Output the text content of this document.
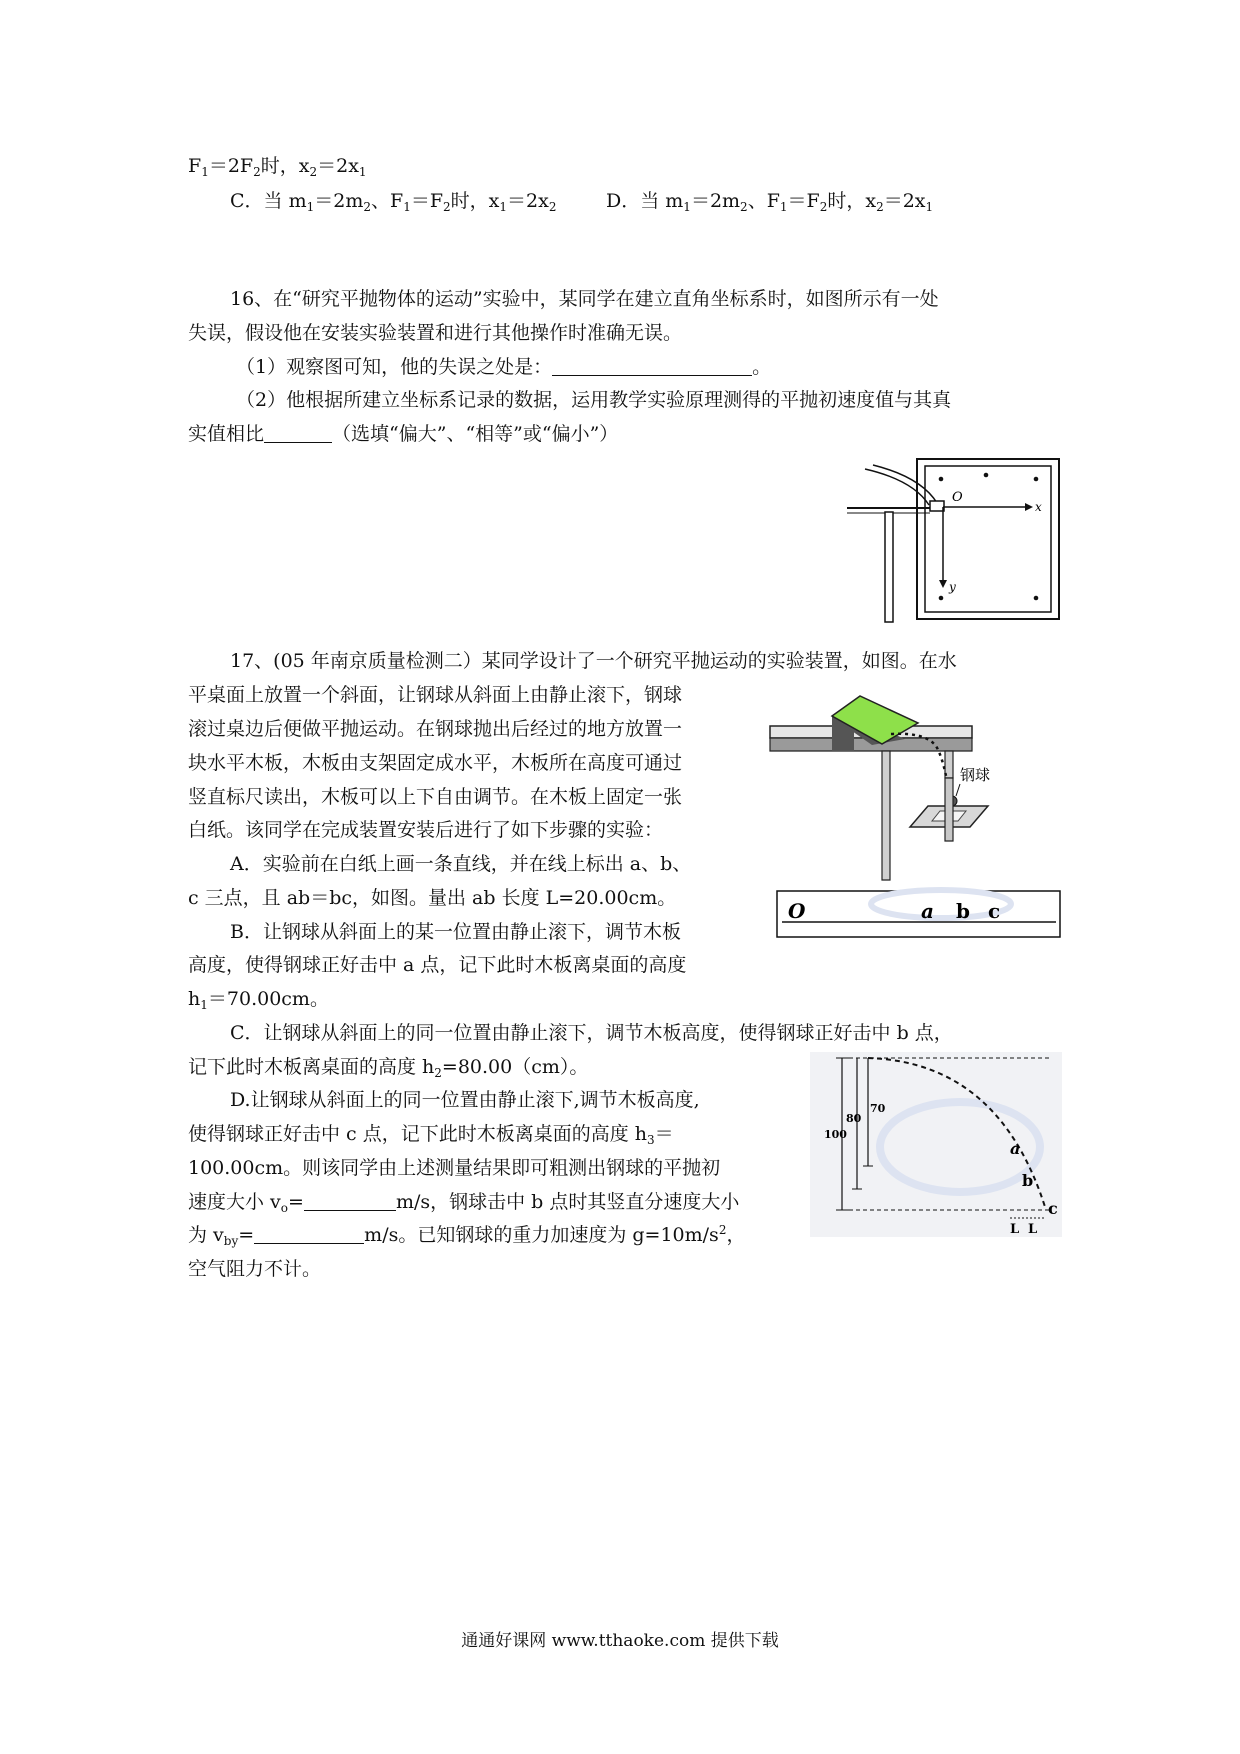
$F_1=2F_2$时，$x_2=2x_1$
C．当 $m_1=2m_2$、$F_1=F_2$时，$x_1=2x_2$	D．当 $m_1=2m_2$、$F_1=F_2$时，$x_2=2x_1$
16、在“研究平抛物体的运动”实验中，某同学在建立直角坐标系时，如图所示有一处
失误，假设他在安装实验装置和进行其他操作时准确无误。
（1）观察图可知，他的失误之处是：	。
（2）他根据所建立坐标系记录的数据，运用教学实验原理测得的平抛初速度值与其真
实值相比	（选填“偏大”、“相等”或“偏小”）
O
x
y
17、(05 年南京质量检测二）某同学设计了一个研究平抛运动的实验装置，如图。在水
平桌面上放置一个斜面，让钢球从斜面上由静止滚下，钢球
滚过桌边后便做平抛运动。在钢球抛出后经过的地方放置一
块水平木板，木板由支架固定成水平，木板所在高度可通过
竖直标尺读出，木板可以上下自由调节。在木板上固定一张
白纸。该同学在完成装置安装后进行了如下步骤的实验：
A．实验前在白纸上画一条直线，并在线上标出 a、b、
c 三点，且 ab＝bc，如图。量出 ab 长度 L=20.00cm。
B．让钢球从斜面上的某一位置由静止滚下，调节木板
高度，使得钢球正好击中 a 点，记下此时木板离桌面的高度
$h_1=70.00cm$。
C．让钢球从斜面上的同一位置由静止滚下，调节木板高度，使得钢球正好击中 b 点，
记下此时木板离桌面的高度 $h_2=80.00(cm)$。
D.让钢球从斜面上的同一位置由静止滚下,调节木板高度,
使得钢球正好击中 c 点，记下此时木板离桌面的高度 $h_3=$
100.00cm。则该同学由上述测量结果即可粗测出钢球的平抛初
速度大小 $v_o=$	m/s，钢球击中 b 点时其竖直分速度大小
为 $v_{by}=$	m/s。已知钢球的重力加速度为 $g=10m/s^2$，
空气阻力不计。
钢球
O	a b c
100
80
70
a
b
c
L L
通通好课网 www.tthaoke.com 提供下载
